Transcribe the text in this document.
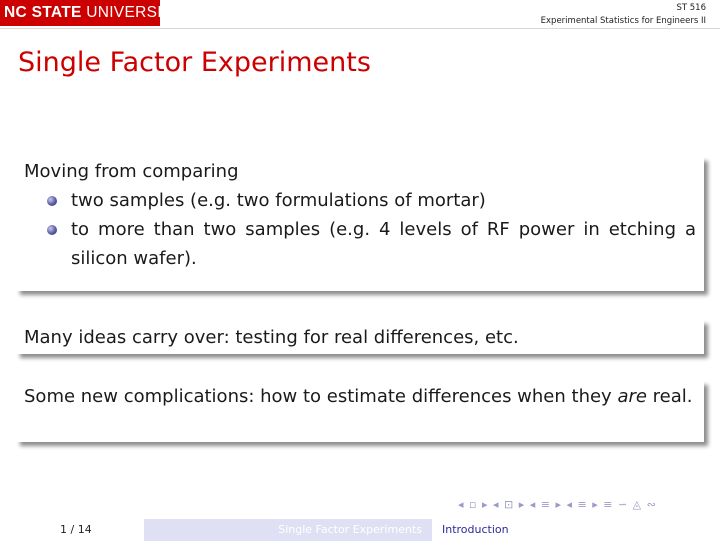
NC STATE UNIVERSITY	ST 516
Experimental Statistics for Engineers II
Single Factor Experiments
Moving from comparing
two samples (e.g. two formulations of mortar)
to more than two samples (e.g. 4 levels of RF power in etching a silicon wafer).
Many ideas carry over: testing for real differences, etc.
Some new complications: how to estimate differences when they are real.
◂ ▫ ▸ ◂ ⊡ ▸ ◂ ≡ ▸ ◂ ≡ ▸ ≡ ∽ ◬ ∾
1 / 14	Single Factor Experiments	Introduction
